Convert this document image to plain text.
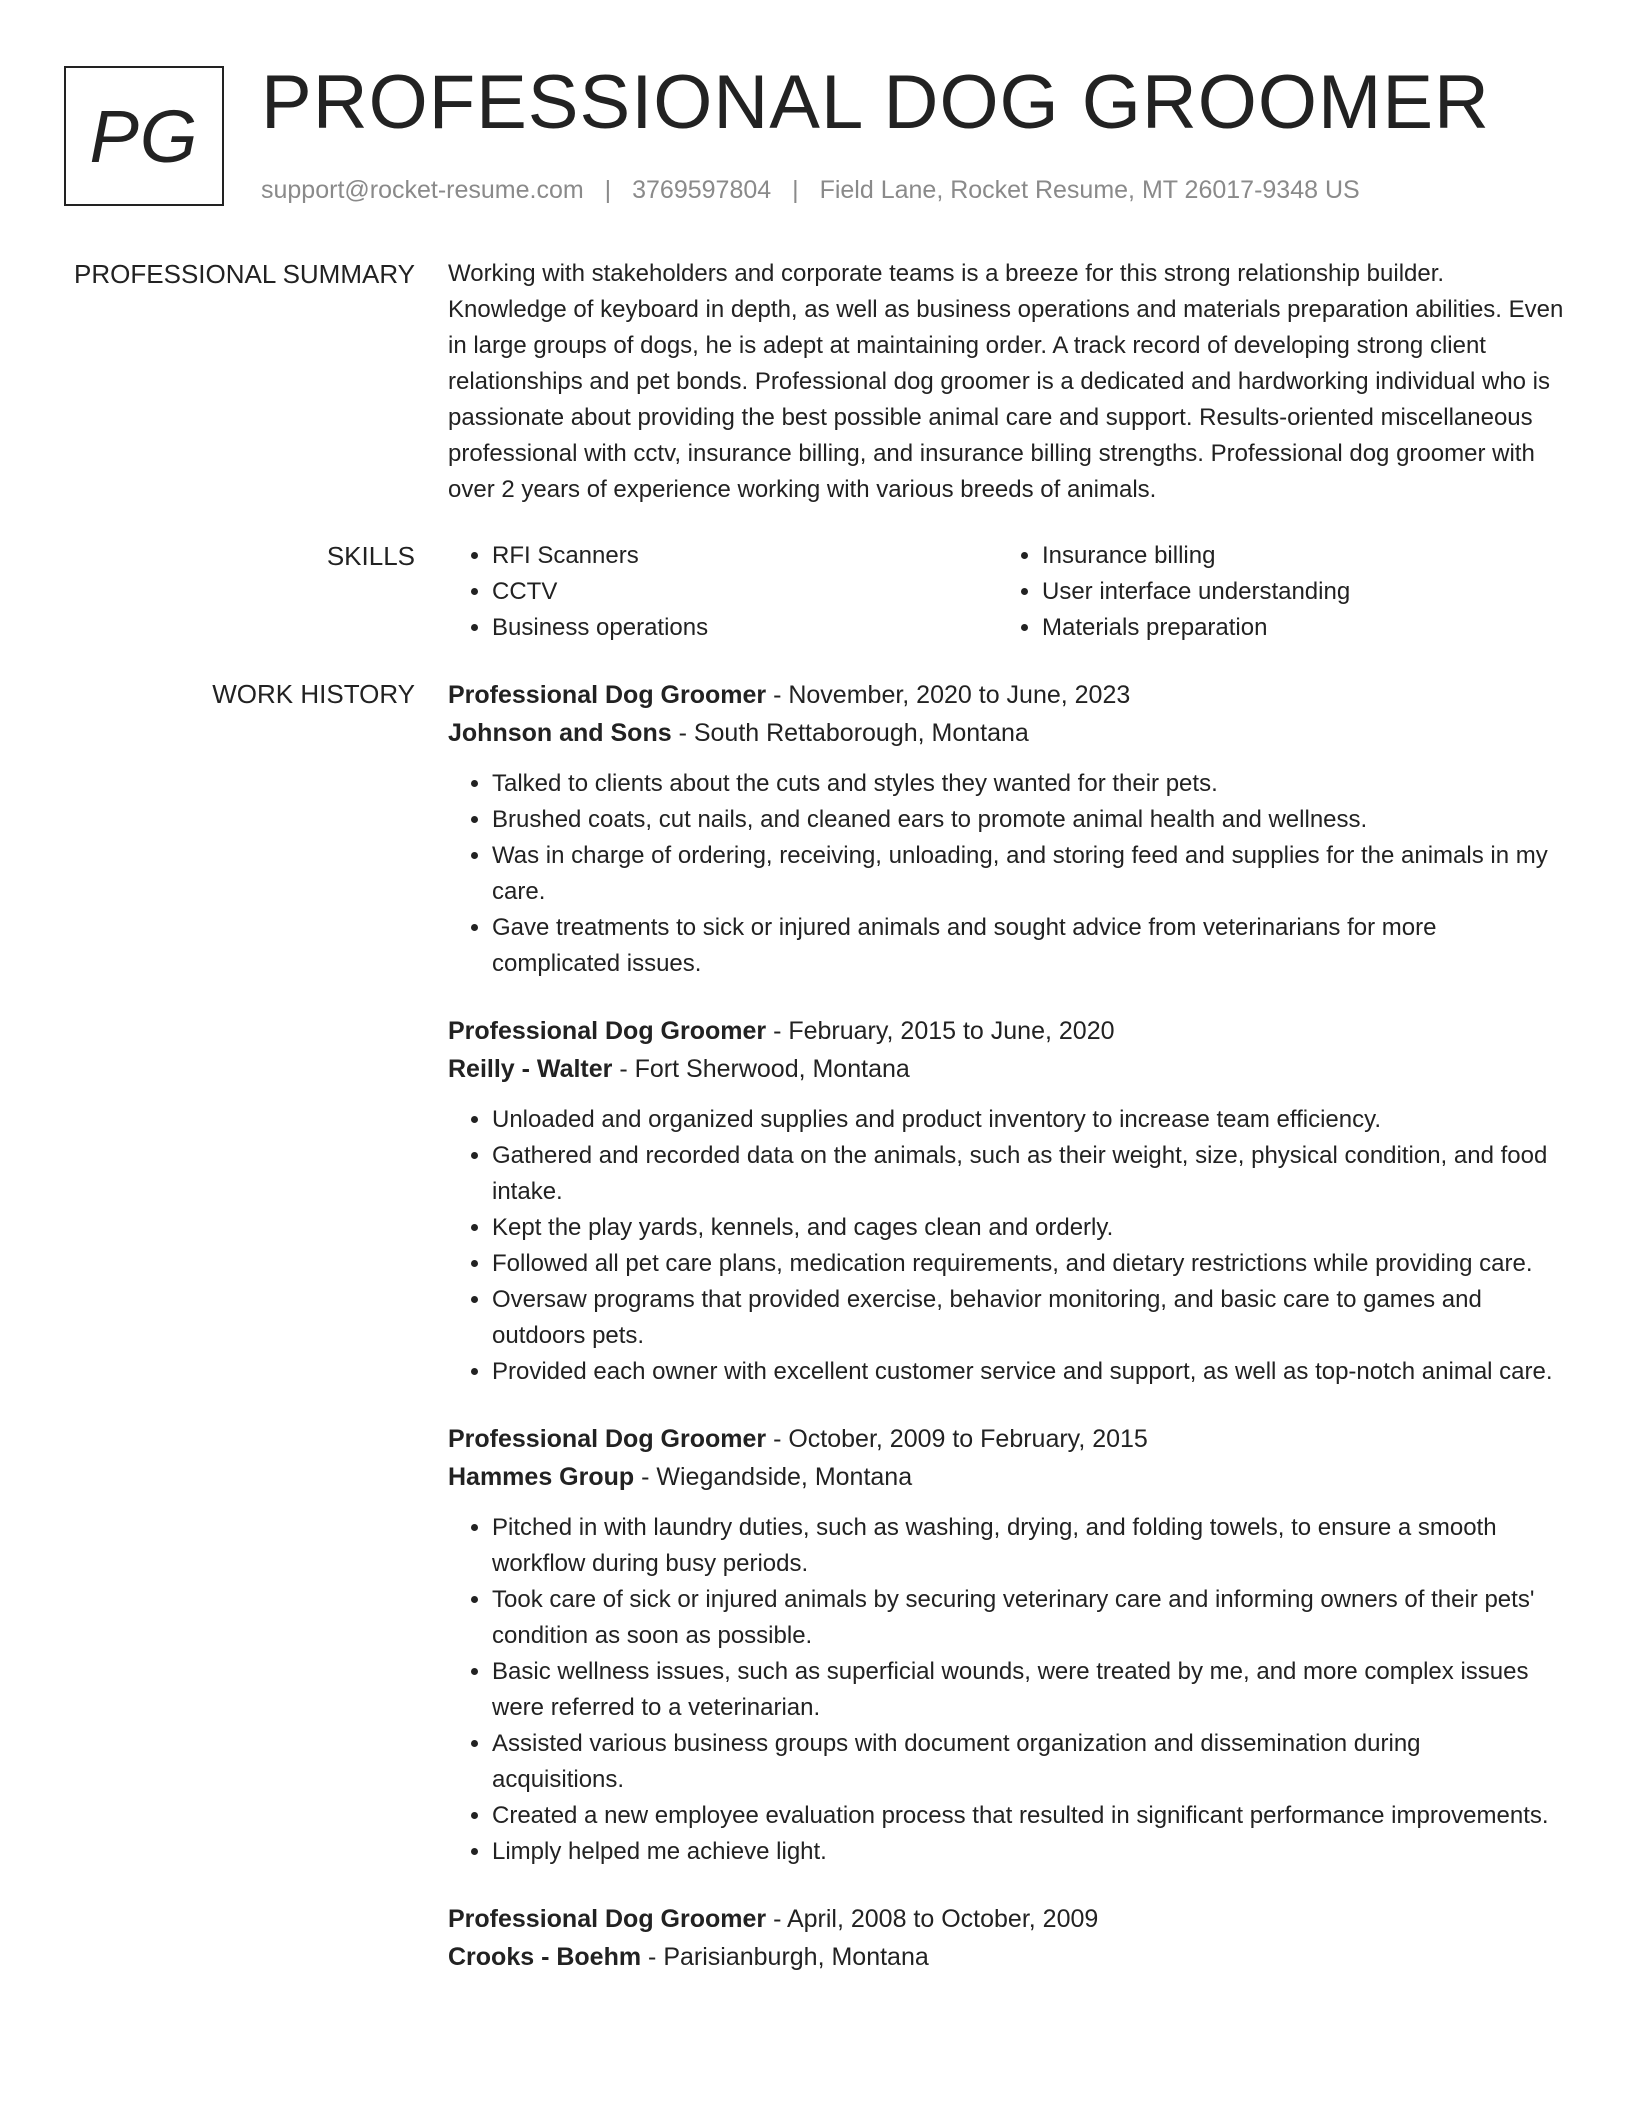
PG PROFESSIONAL DOG GROOMER
support@rocket-resume.com | 3769597804 | Field Lane, Rocket Resume, MT 26017-9348 US
PROFESSIONAL SUMMARY Working with stakeholders and corporate teams is a breeze for this strong relationship builder. Knowledge of keyboard in depth, as well as business operations and materials preparation abilities. Even in large groups of dogs, he is adept at maintaining order. A track record of developing strong client relationships and pet bonds. Professional dog groomer is a dedicated and hardworking individual who is passionate about providing the best possible animal care and support. Results-oriented miscellaneous professional with cctv, insurance billing, and insurance billing strengths. Professional dog groomer with over 2 years of experience working with various breeds of animals.

SKILLS	• RFI Scanners	• Insurance billing
• CCTV	• User interface understanding
• Business operations	• Materials preparation
WORK HISTORY Professional Dog Groomer - November, 2020 to June, 2023
Johnson and Sons - South Rettaborough, Montana
• Talked to clients about the cuts and styles they wanted for their pets.
• Brushed coats, cut nails, and cleaned ears to promote animal health and wellness.
• Was in charge of ordering, receiving, unloading, and storing feed and supplies for the animals in my care.
• Gave treatments to sick or injured animals and sought advice from veterinarians for more complicated issues.
Professional Dog Groomer - February, 2015 to June, 2020
Reilly - Walter - Fort Sherwood, Montana
• Unloaded and organized supplies and product inventory to increase team efficiency.
• Gathered and recorded data on the animals, such as their weight, size, physical condition, and food intake.
• Kept the play yards, kennels, and cages clean and orderly.
• Followed all pet care plans, medication requirements, and dietary restrictions while providing care.
• Oversaw programs that provided exercise, behavior monitoring, and basic care to games and outdoors pets.
• Provided each owner with excellent customer service and support, as well as top-notch animal care.
Professional Dog Groomer - October, 2009 to February, 2015
Hammes Group - Wiegandside, Montana
• Pitched in with laundry duties, such as washing, drying, and folding towels, to ensure a smooth workflow during busy periods.
• Took care of sick or injured animals by securing veterinary care and informing owners of their pets' condition as soon as possible.
• Basic wellness issues, such as superficial wounds, were treated by me, and more complex issues were referred to a veterinarian.
• Assisted various business groups with document organization and dissemination during acquisitions.
• Created a new employee evaluation process that resulted in significant performance improvements.
• Limply helped me achieve light.
Professional Dog Groomer - April, 2008 to October, 2009
Crooks - Boehm - Parisianburgh, Montana
